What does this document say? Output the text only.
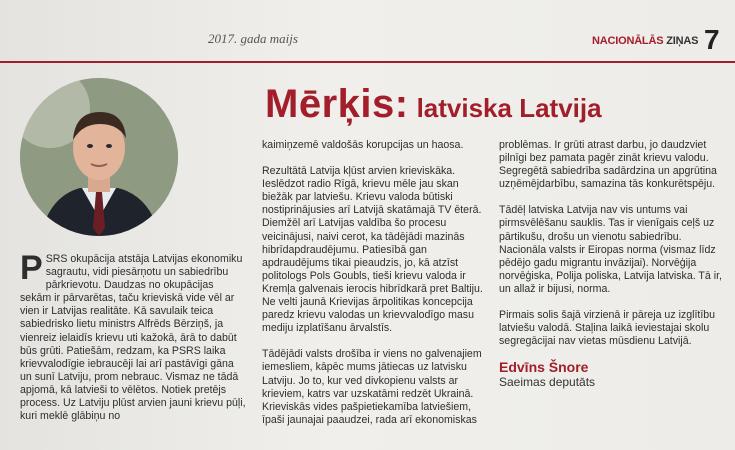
2017. gada maijs	NACIONĀLĀS ZIŅAS 7
Mērķis: latviska Latvija

PSRS okupācija atstāja Latvijas ekonomiku sagrautu, vidi piesārņotu un sabiedrību pārkrievotu. Daudzas no okupācijas sekām ir pārvarētas, taču krieviskā vide vēl ar vien ir Latvijas realitāte. Kā savulaik teica sabiedrisko lietu ministrs Alfrēds Bērziņš, ja vienreiz ielaidīs krievu uti kažokā, ārā to dabūt būs grūti. Patiešām, redzam, ka PSRS laika krievvalodīgie iebraucēji lai arī pastāvīgi gāna un sunī Latviju, prom nebrauc. Vismaz ne tādā apjomā, kā latvieši to vēlētos. Notiek pretējs process. Uz Latviju plūst arvien jauni krievu pūļi, kuri meklē glābiņu no

kaimiņzemē valdošās korupcijas un haosa.

Rezultātā Latvija kļūst arvien krieviskāka. Ieslēdzot radio Rīgā, krievu mēle jau skan biežāk par latviešu. Krievu valoda būtiski nostiprinājusies arī Latvijā skatāmajā TV ēterā. Diemžēl arī Latvijas valdība šo procesu veicinājusi, naivi cerot, ka tādējādi mazinās hibrīdapdraudējumu. Patiesībā gan apdraudējums tikai pieaudzis, jo, kā atzīst politologs Pols Goubls, tieši krievu valoda ir Kremļa galvenais ierocis hibrīdkarā pret Baltiju. Ne velti jaunā Krievijas ārpolitikas koncepcija paredz krievu valodas un krievvalodīgo masu mediju izplatīšanu ārvalstīs.

Tādējādi valsts drošība ir viens no galvenajiem iemesliem, kāpēc mums jātiecas uz latvisku Latviju. Jo to, kur ved divkopienu valsts ar krieviem, katrs var uzskatāmi redzēt Ukrainā. Krieviskās vides pašpietiekamība latviešiem, īpaši jaunajai paaudzei, rada arī ekonomiskas

problēmas. Ir grūti atrast darbu, jo daudzviet pilnīgi bez pamata pagēr zināt krievu valodu. Segregētā sabiedrība sadārdzina un apgrūtina uzņēmējdarbību, samazina tās konkurētspēju.

Tādēļ latviska Latvija nav vis untums vai pirmsvēlēšanu sauklis. Tas ir vienīgais ceļš uz pārtikušu, drošu un vienotu sabiedrību. Nacionāla valsts ir Eiropas norma (vismaz līdz pēdējo gadu migrantu invāzijai). Norvēģija norvēģiska, Polija poliska, Latvija latviska. Tā ir, un allaž ir bijusi, norma.

Pirmais solis šajā virzienā ir pāreja uz izglītību latviešu valodā. Staļina laikā ieviestajai skolu segregācijai nav vietas mūsdienu Latvijā.

Edvīns Šnore
Saeimas deputāts
